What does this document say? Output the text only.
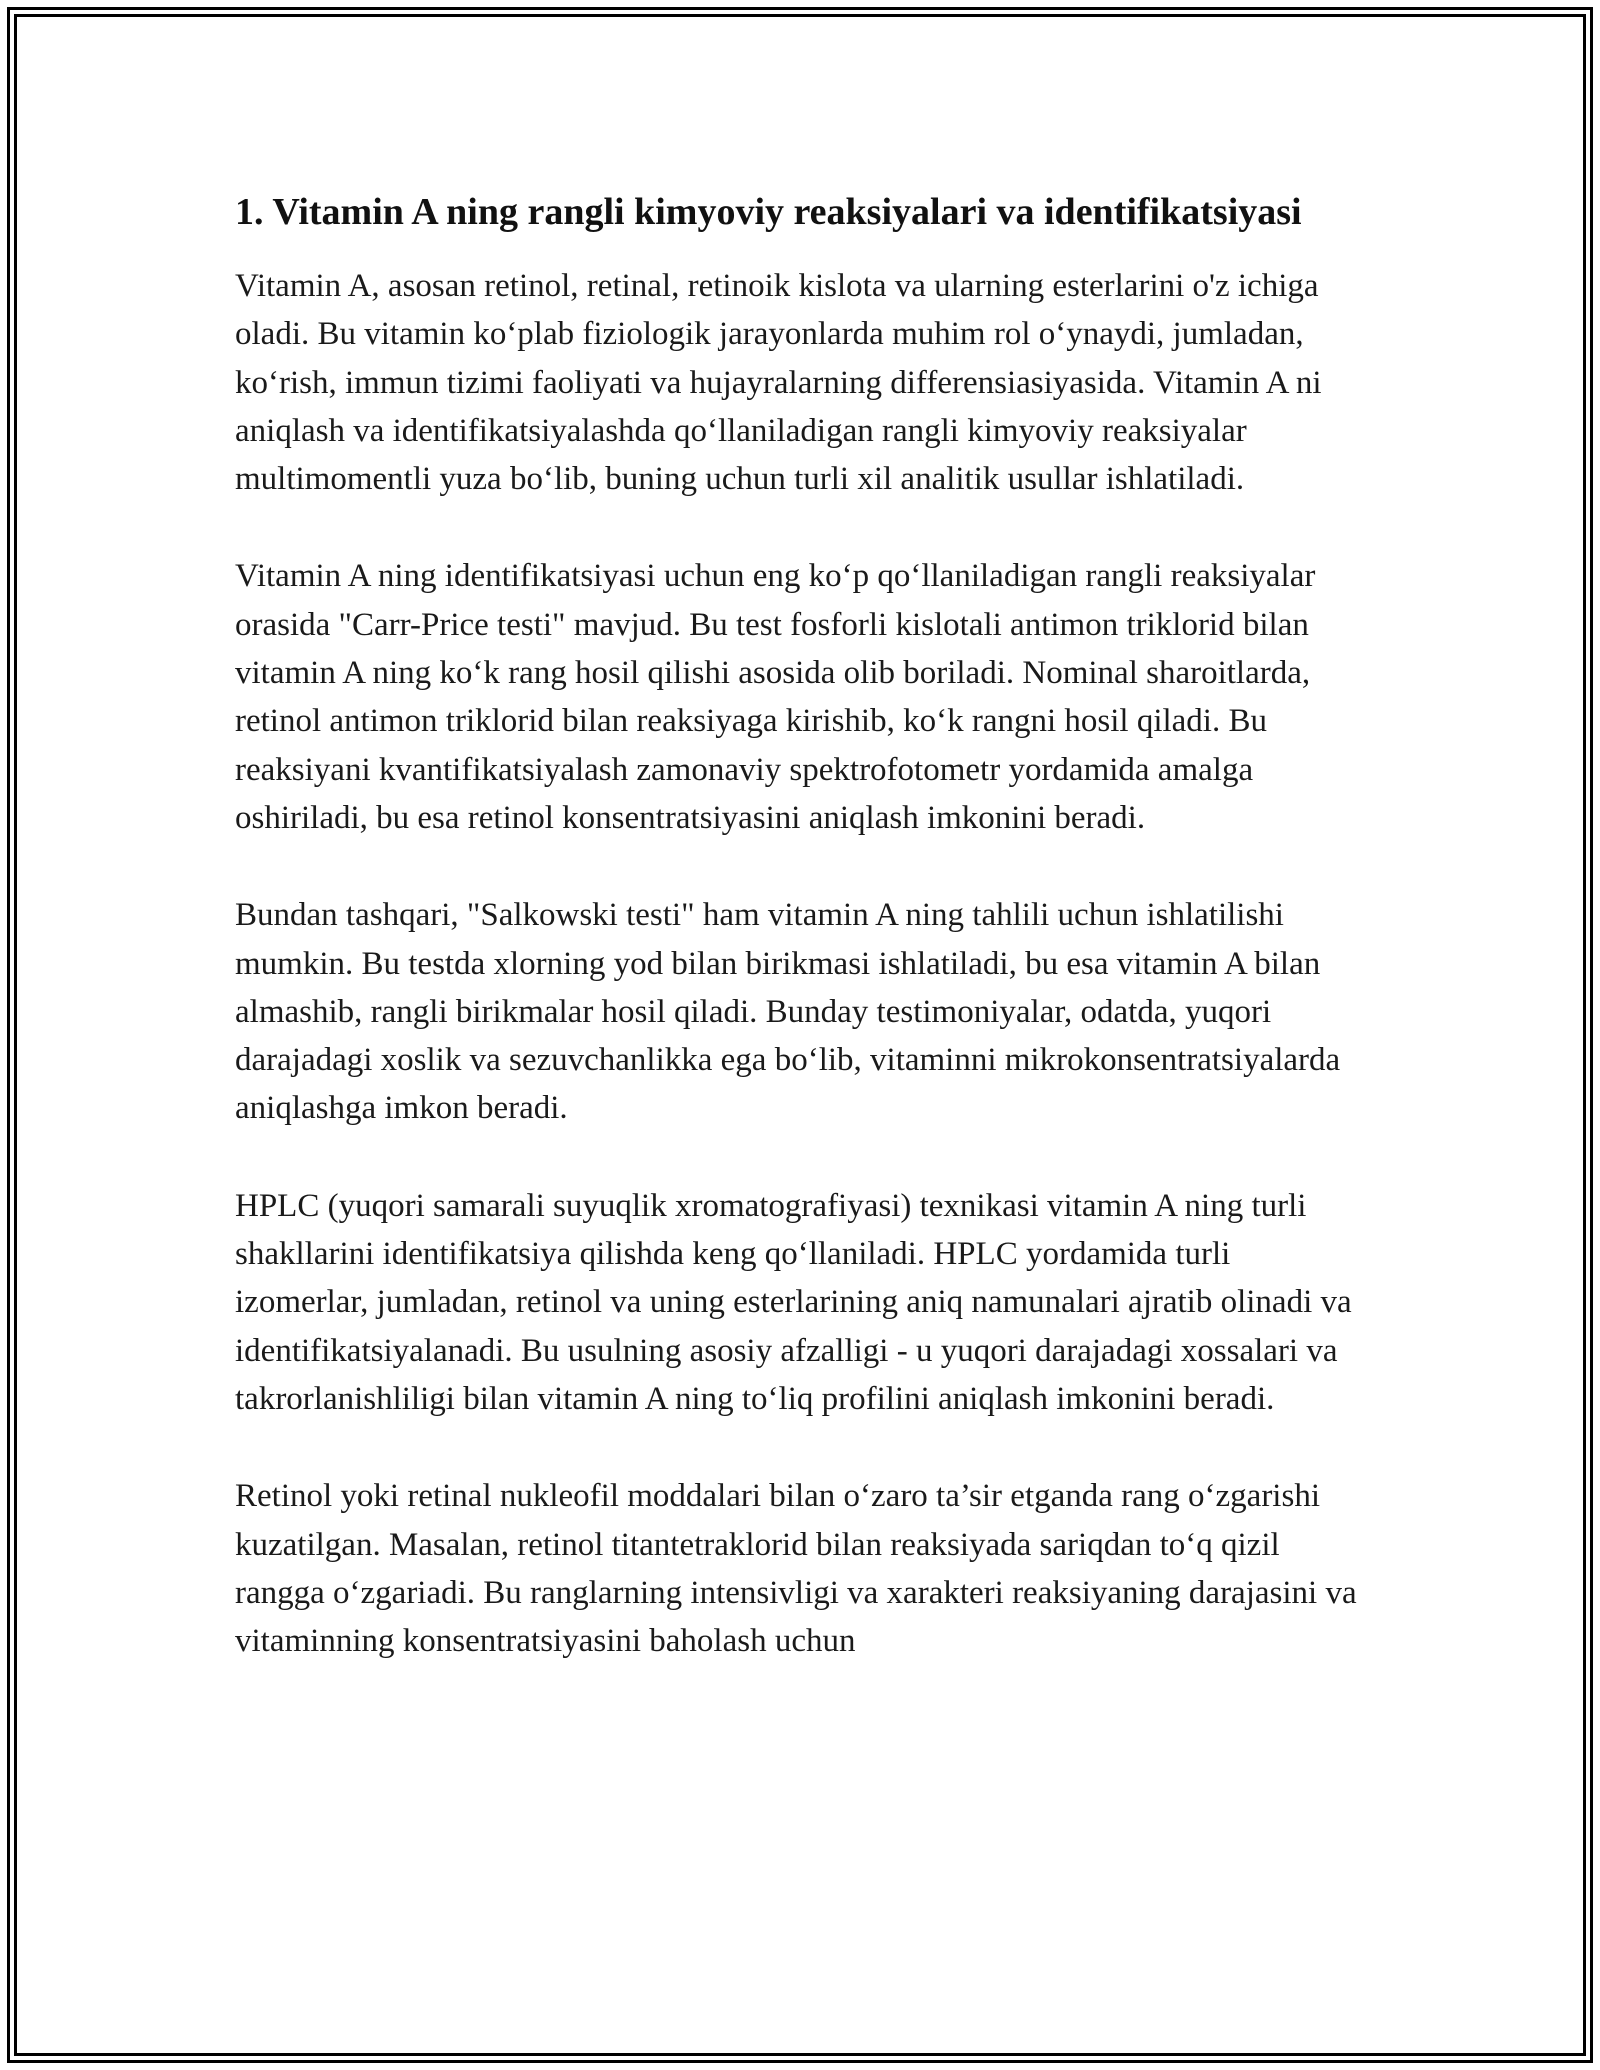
1. Vitamin A ning rangli kimyoviy reaksiyalari va identifikatsiyasi

Vitamin A, asosan retinol, retinal, retinoik kislota va ularning esterlarini o'z ichiga oladi. Bu vitamin ko‘plab fiziologik jarayonlarda muhim rol o‘ynaydi, jumladan, ko‘rish, immun tizimi faoliyati va hujayralarning differensiasiyasida. Vitamin A ni aniqlash va identifikatsiyalashda qo‘llaniladigan rangli kimyoviy reaksiyalar multimomentli yuza bo‘lib, buning uchun turli xil analitik usullar ishlatiladi.

Vitamin A ning identifikatsiyasi uchun eng ko‘p qo‘llaniladigan rangli reaksiyalar orasida "Carr-Price testi" mavjud. Bu test fosforli kislotali antimon triklorid bilan vitamin A ning ko‘k rang hosil qilishi asosida olib boriladi. Nominal sharoitlarda, retinol antimon triklorid bilan reaksiyaga kirishib, ko‘k rangni hosil qiladi. Bu reaksiyani kvantifikatsiyalash zamonaviy spektrofotometr yordamida amalga oshiriladi, bu esa retinol konsentratsiyasini aniqlash imkonini beradi.

Bundan tashqari, "Salkowski testi" ham vitamin A ning tahlili uchun ishlatilishi mumkin. Bu testda xlorning yod bilan birikmasi ishlatiladi, bu esa vitamin A bilan almashib, rangli birikmalar hosil qiladi. Bunday testimoniyalar, odatda, yuqori darajadagi xoslik va sezuvchanlikka ega bo‘lib, vitaminni mikrokonsentratsiyalarda aniqlashga imkon beradi.

HPLC (yuqori samarali suyuqlik xromatografiyasi) texnikasi vitamin A ning turli shakllarini identifikatsiya qilishda keng qo‘llaniladi. HPLC yordamida turli izomerlar, jumladan, retinol va uning esterlarining aniq namunalari ajratib olinadi va identifikatsiyalanadi. Bu usulning asosiy afzalligi - u yuqori darajadagi xossalari va takrorlanishliligi bilan vitamin A ning to‘liq profilini aniqlash imkonini beradi.

Retinol yoki retinal nukleofil moddalari bilan o‘zaro ta’sir etganda rang o‘zgarishi kuzatilgan. Masalan, retinol titantetraklorid bilan reaksiyada sariqdan to‘q qizil rangga o‘zgariadi. Bu ranglarning intensivligi va xarakteri reaksiyaning darajasini va vitaminning konsentratsiyasini baholash uchun
